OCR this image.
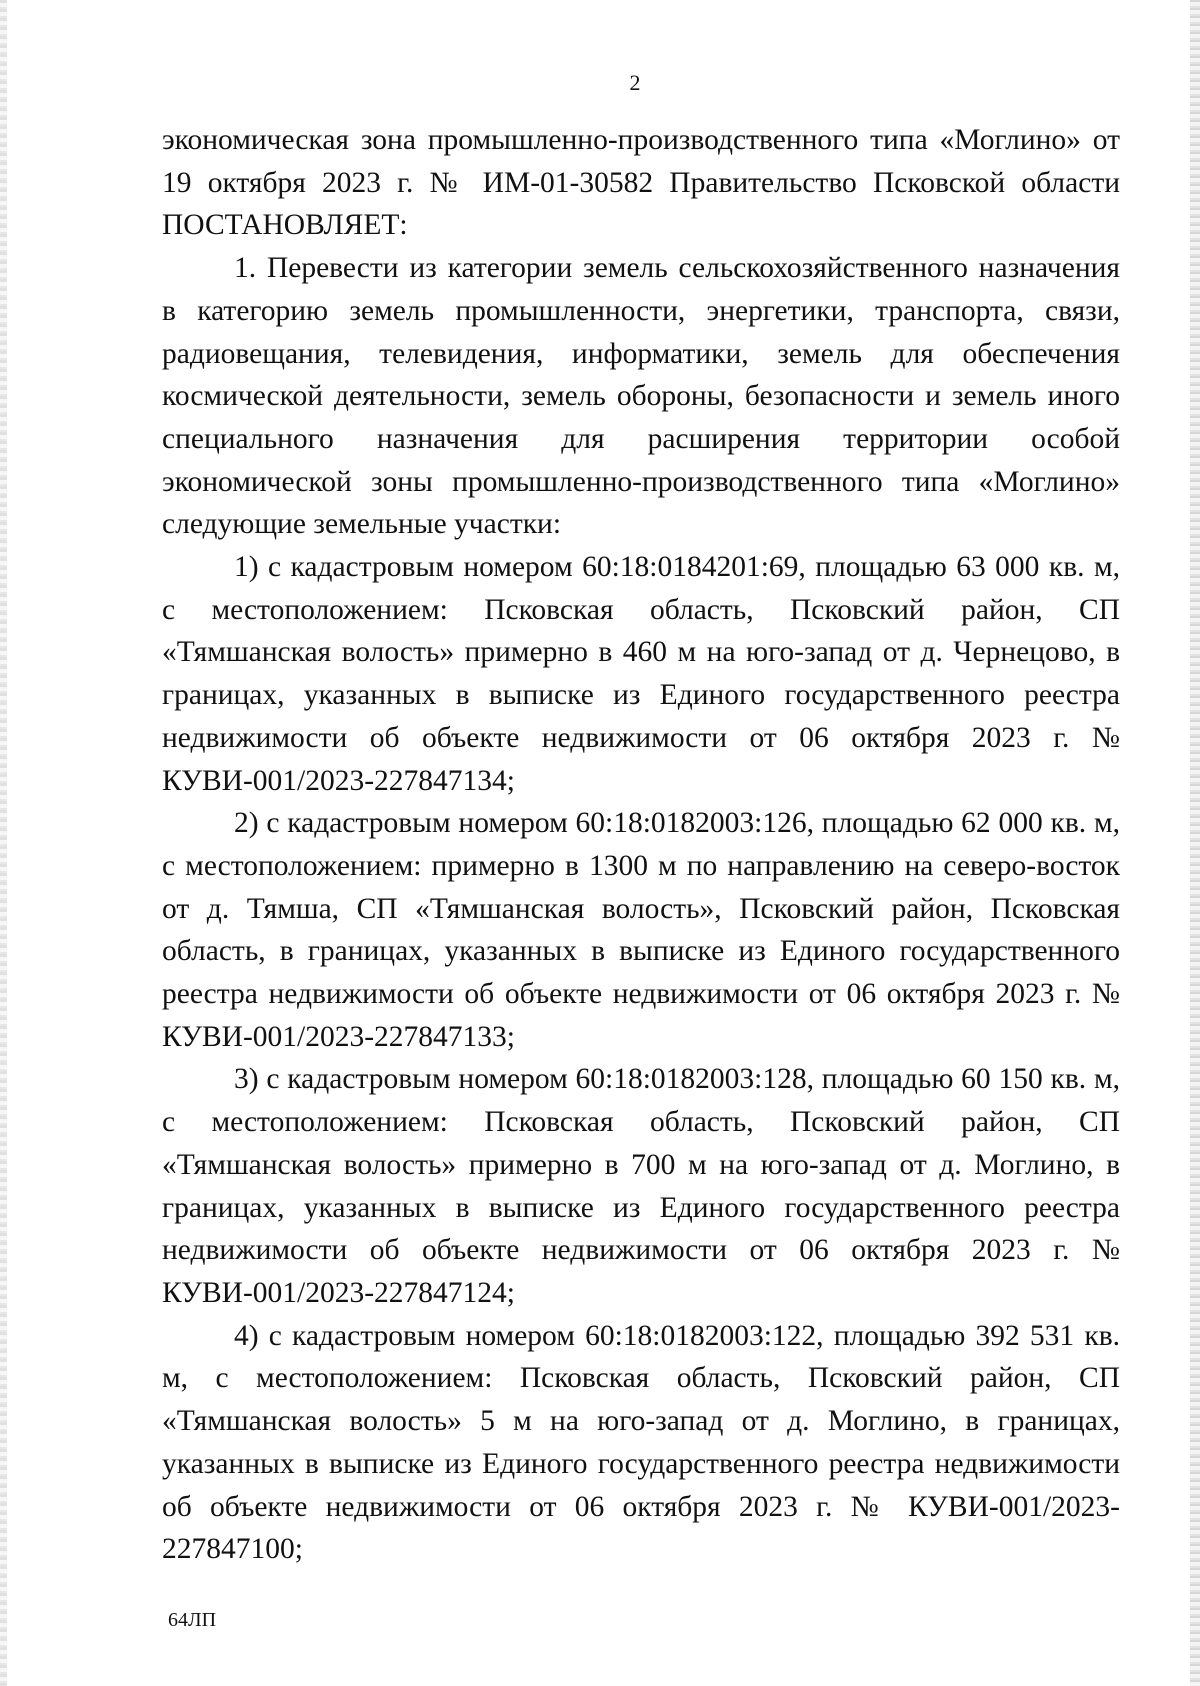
2

экономическая зона промышленно-производственного типа «Моглино» от 19 октября 2023 г. № ИМ-01-30582 Правительство Псковской области ПОСТАНОВЛЯЕТ:

1. Перевести из категории земель сельскохозяйственного назначения в категорию земель промышленности, энергетики, транспорта, связи, радиовещания, телевидения, информатики, земель для обеспечения космической деятельности, земель обороны, безопасности и земель иного специального назначения для расширения территории особой экономической зоны промышленно-производственного типа «Моглино» следующие земельные участки:

1) с кадастровым номером 60:18:0184201:69, площадью 63 000 кв. м, с местоположением: Псковская область, Псковский район, СП «Тямшанская волость» примерно в 460 м на юго-запад от д. Чернецово, в границах, указанных в выписке из Единого государственного реестра недвижимости об объекте недвижимости от 06 октября 2023 г. № КУВИ-001/2023-227847134;

2) с кадастровым номером 60:18:0182003:126, площадью 62 000 кв. м, с местоположением: примерно в 1300 м по направлению на северо-восток от д. Тямша, СП «Тямшанская волость», Псковский район, Псковская область, в границах, указанных в выписке из Единого государственного реестра недвижимости об объекте недвижимости от 06 октября 2023 г. № КУВИ-001/2023-227847133;

3) с кадастровым номером 60:18:0182003:128, площадью 60 150 кв. м, с местоположением: Псковская область, Псковский район, СП «Тямшанская волость» примерно в 700 м на юго-запад от д. Моглино, в границах, указанных в выписке из Единого государственного реестра недвижимости об объекте недвижимости от 06 октября 2023 г. № КУВИ-001/2023-227847124;

4) с кадастровым номером 60:18:0182003:122, площадью 392 531 кв. м, с местоположением: Псковская область, Псковский район, СП «Тямшанская волость» 5 м на юго-запад от д. Моглино, в границах, указанных в выписке из Единого государственного реестра недвижимости об объекте недвижимости от 06 октября 2023 г. № КУВИ-001/2023-227847100;

64ЛП
